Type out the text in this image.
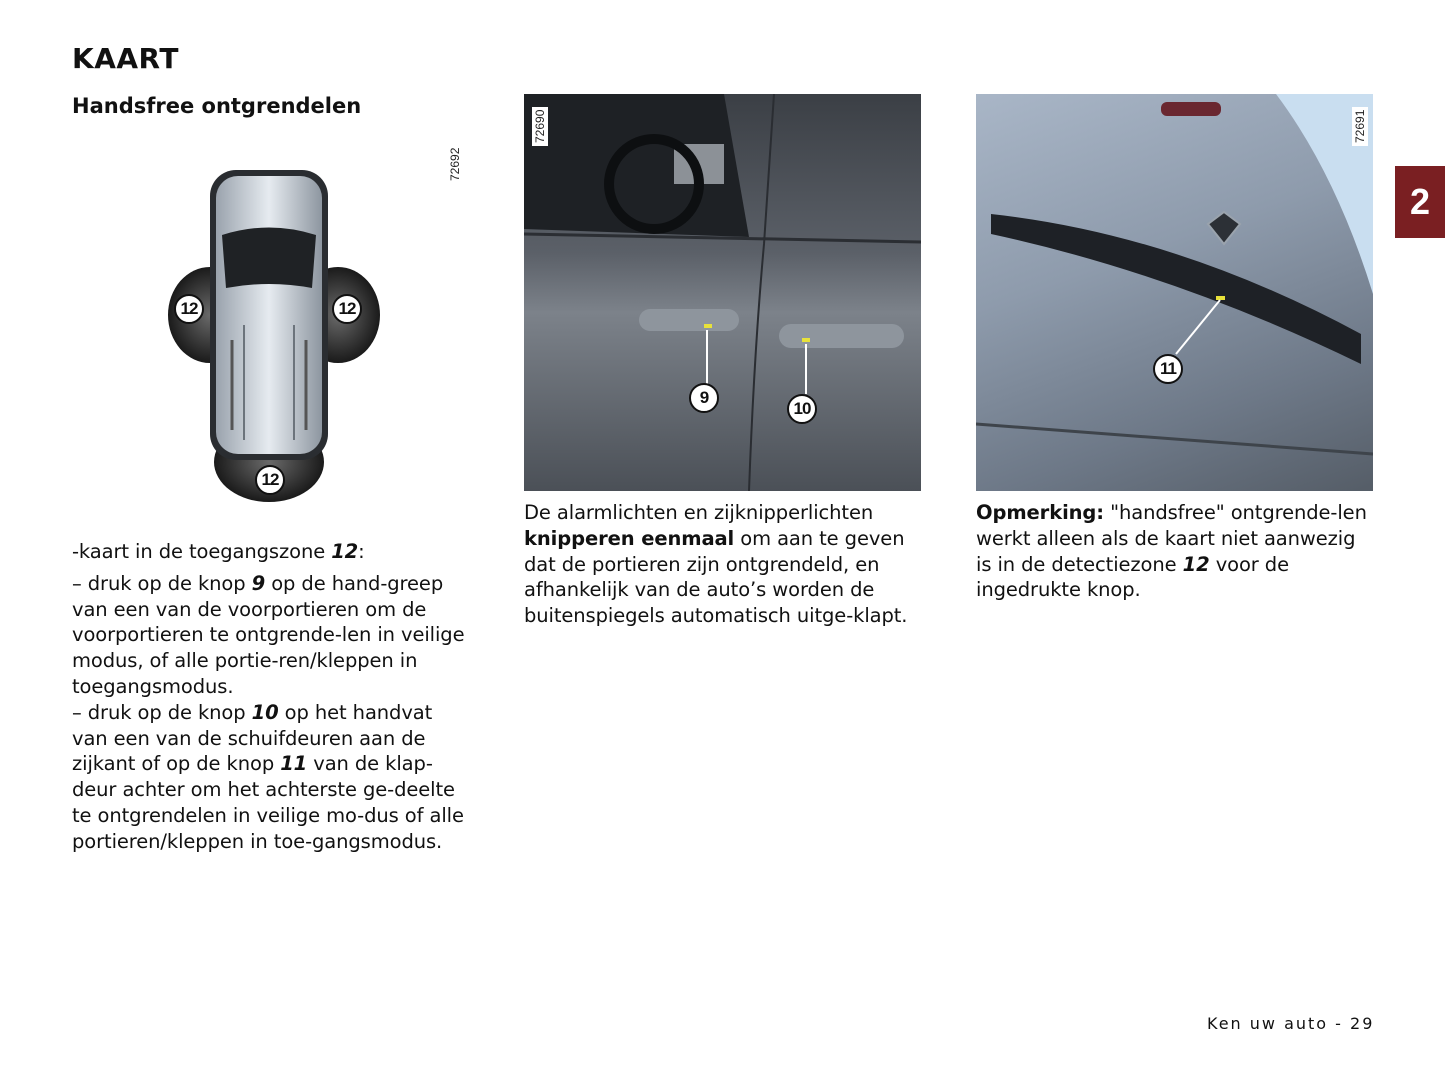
KAART
Handsfree ontgrendelen
12	12
12
72692
9
10
72690
11
72691
2

-kaart in de toegangszone 12:

– druk op de knop 9 op de hand-greep van een van de voorportieren om de voorportieren te ontgrende-len in veilige modus, of alle portie-ren/kleppen in toegangsmodus.

– druk op de knop 10 op het handvat van een van de schuifdeuren aan de zijkant of op de knop 11 van de klap-deur achter om het achterste ge-deelte te ontgrendelen in veilige mo-dus of alle portieren/kleppen in toe-gangsmodus.

De alarmlichten en zijknipperlichten knipperen eenmaal om aan te geven dat de portieren zijn ontgrendeld, en afhankelijk van de auto’s worden de buitenspiegels automatisch uitge-klapt.

Opmerking: "handsfree" ontgrende-len werkt alleen als de kaart niet aanwezig is in de detectiezone 12 voor de ingedrukte knop.

Ken uw auto - 29
